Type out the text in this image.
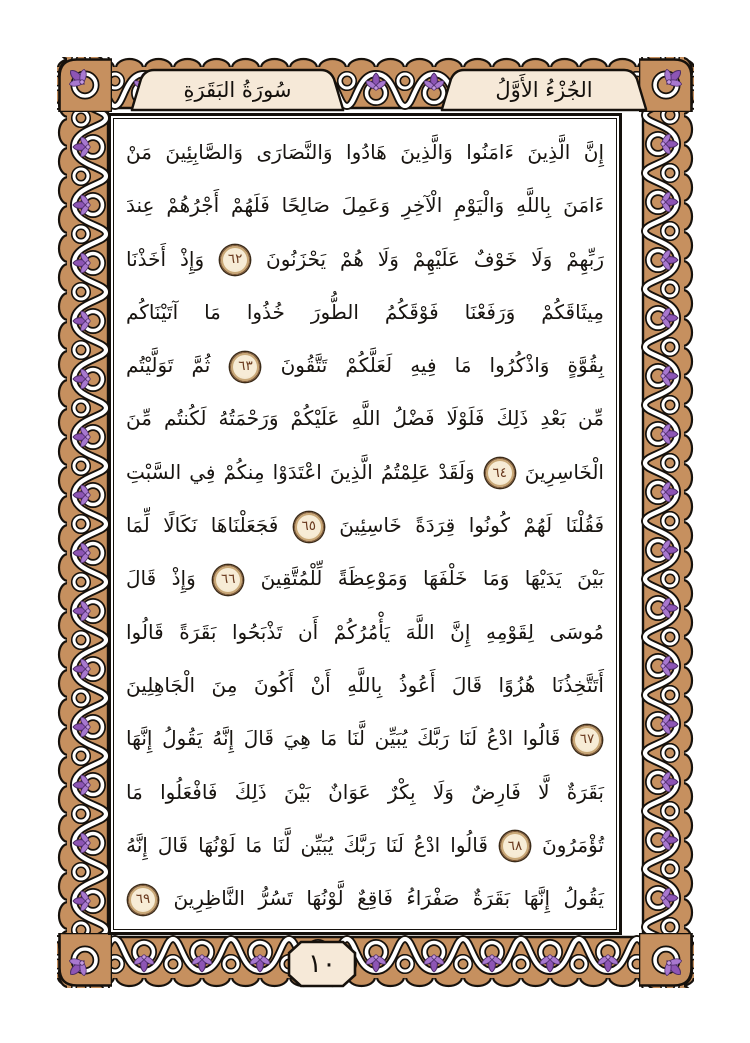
سُورَةُ البَقَرَةِ	الجُزْءُ الأَوَّلُ
١٠
إِنَّ الَّذِينَ ءَامَنُوا وَالَّذِينَ هَادُوا وَالنَّصَارَى وَالصَّابِئِينَ مَنْ
ءَامَنَ بِاللَّهِ وَالْيَوْمِ الْآخِرِ وَعَمِلَ صَالِحًا فَلَهُمْ أَجْرُهُمْ عِندَ
رَبِّهِمْ وَلَا خَوْفٌ عَلَيْهِمْ وَلَا هُمْ يَحْزَنُونَ ٦٢ وَإِذْ أَخَذْنَا
مِيثَاقَكُمْ وَرَفَعْنَا فَوْقَكُمُ الطُّورَ خُذُوا مَا آتَيْنَاكُم
بِقُوَّةٍ وَاذْكُرُوا مَا فِيهِ لَعَلَّكُمْ تَتَّقُونَ ٦٣ ثُمَّ تَوَلَّيْتُم
مِّن بَعْدِ ذَلِكَ فَلَوْلَا فَضْلُ اللَّهِ عَلَيْكُمْ وَرَحْمَتُهُ لَكُنتُم مِّنَ
الْخَاسِرِينَ ٦٤ وَلَقَدْ عَلِمْتُمُ الَّذِينَ اعْتَدَوْا مِنكُمْ فِي السَّبْتِ
فَقُلْنَا لَهُمْ كُونُوا قِرَدَةً خَاسِئِينَ ٦٥ فَجَعَلْنَاهَا نَكَالًا لِّمَا
بَيْنَ يَدَيْهَا وَمَا خَلْفَهَا وَمَوْعِظَةً لِّلْمُتَّقِينَ ٦٦ وَإِذْ قَالَ
مُوسَى لِقَوْمِهِ إِنَّ اللَّهَ يَأْمُرُكُمْ أَن تَذْبَحُوا بَقَرَةً قَالُوا
أَتَتَّخِذُنَا هُزُوًا قَالَ أَعُوذُ بِاللَّهِ أَنْ أَكُونَ مِنَ الْجَاهِلِينَ
٦٧ قَالُوا ادْعُ لَنَا رَبَّكَ يُبَيِّن لَّنَا مَا هِيَ قَالَ إِنَّهُ يَقُولُ إِنَّهَا
بَقَرَةٌ لَّا فَارِضٌ وَلَا بِكْرٌ عَوَانٌ بَيْنَ ذَلِكَ فَافْعَلُوا مَا
تُؤْمَرُونَ ٦٨ قَالُوا ادْعُ لَنَا رَبَّكَ يُبَيِّن لَّنَا مَا لَوْنُهَا قَالَ إِنَّهُ
يَقُولُ إِنَّهَا بَقَرَةٌ صَفْرَاءُ فَاقِعٌ لَّوْنُهَا تَسُرُّ النَّاظِرِينَ ٦٩
